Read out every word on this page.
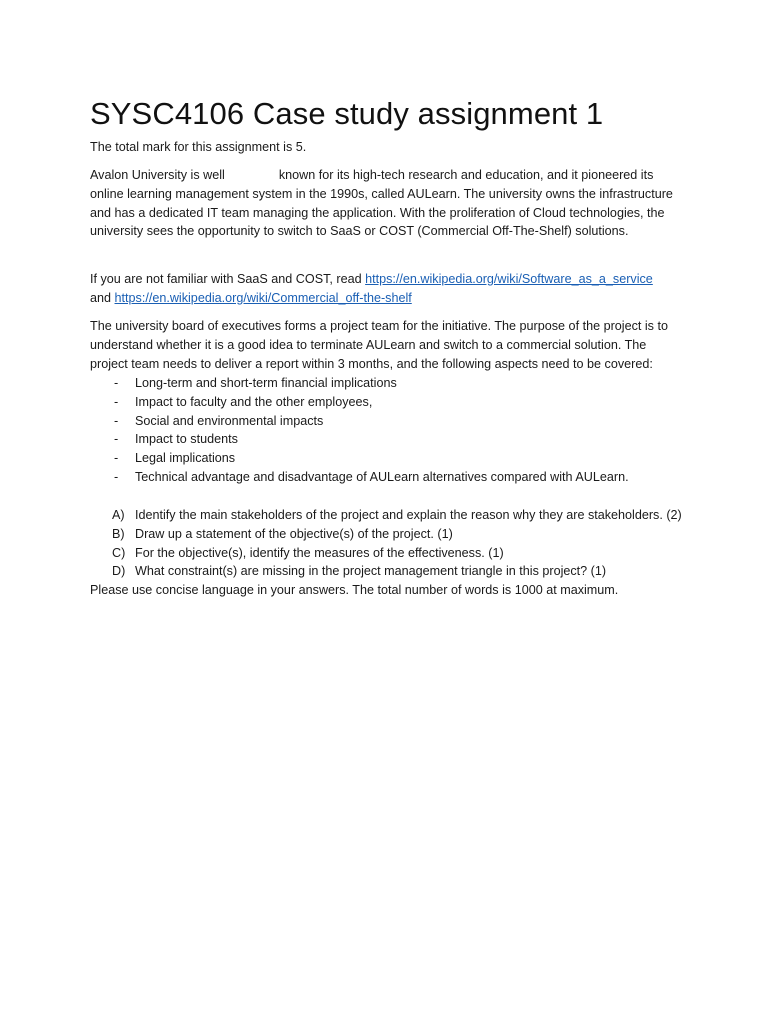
SYSC4106 Case study assignment 1

The total mark for this assignment is 5.

Avalon University is well	known for its high-tech research and education, and it pioneered its online learning management system in the 1990s, called AULearn. The university owns the infrastructure and has a dedicated IT team managing the application. With the proliferation of Cloud technologies, the university sees the opportunity to switch to SaaS or COST (Commercial Off-The-Shelf) solutions.

If you are not familiar with SaaS and COST, read https://en.wikipedia.org/wiki/Software_as_a_service
and https://en.wikipedia.org/wiki/Commercial_off-the-shelf

The university board of executives forms a project team for the initiative. The purpose of the project is to understand whether it is a good idea to terminate AULearn and switch to a commercial solution. The project team needs to deliver a report within 3 months, and the following aspects need to be covered:

- Long-term and short-term financial implications
- Impact to faculty and the other employees,
- Social and environmental impacts
- Impact to students
- Legal implications
- Technical advantage and disadvantage of AULearn alternatives compared with AULearn.
A) Identify the main stakeholders of the project and explain the reason why they are stakeholders. (2)
B) Draw up a statement of the objective(s) of the project. (1)
C) For the objective(s), identify the measures of the effectiveness. (1)
D) What constraint(s) are missing in the project management triangle in this project? (1)

Please use concise language in your answers. The total number of words is 1000 at maximum.
